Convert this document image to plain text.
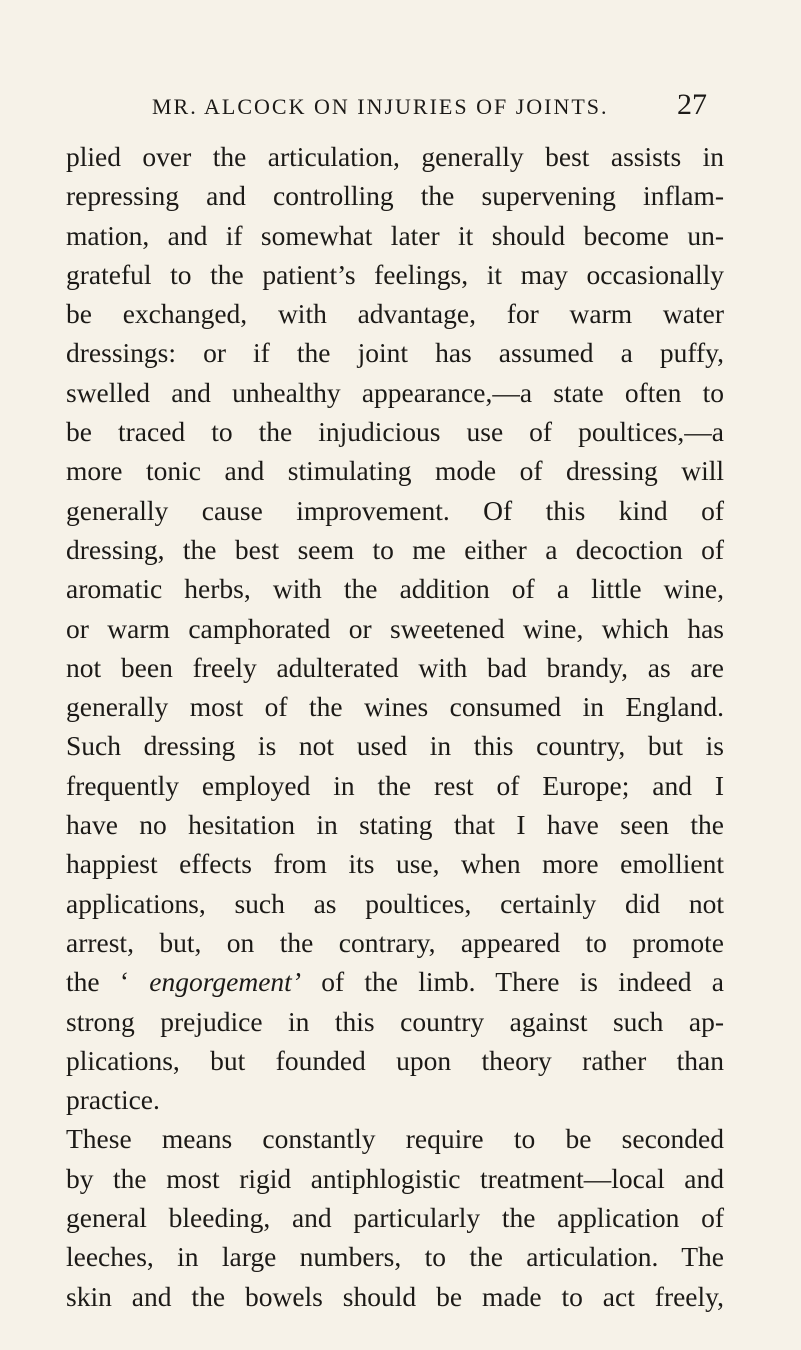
MR. ALCOCK ON INJURIES OF JOINTS. 27
plied over the articulation, generally best assists in
repressing and controlling the supervening inflam-
mation, and if somewhat later it should become un-
grateful to the patient’s feelings, it may occasionally
be exchanged, with advantage, for warm water
dressings: or if the joint has assumed a puffy,
swelled and unhealthy appearance,—a state often to
be traced to the injudicious use of poultices,—a
more tonic and stimulating mode of dressing will
generally cause improvement. Of this kind of
dressing, the best seem to me either a decoction of
aromatic herbs, with the addition of a little wine,
or warm camphorated or sweetened wine, which has
not been freely adulterated with bad brandy, as are
generally most of the wines consumed in England.
Such dressing is not used in this country, but is
frequently employed in the rest of Europe; and I
have no hesitation in stating that I have seen the
happiest effects from its use, when more emollient
applications, such as poultices, certainly did not
arrest, but, on the contrary, appeared to promote
the ‘ engorgement’ of the limb. There is indeed a
strong prejudice in this country against such ap-
plications, but founded upon theory rather than
practice.
These means constantly require to be seconded
by the most rigid antiphlogistic treatment—local and
general bleeding, and particularly the application of
leeches, in large numbers, to the articulation. The
skin and the bowels should be made to act freely,
